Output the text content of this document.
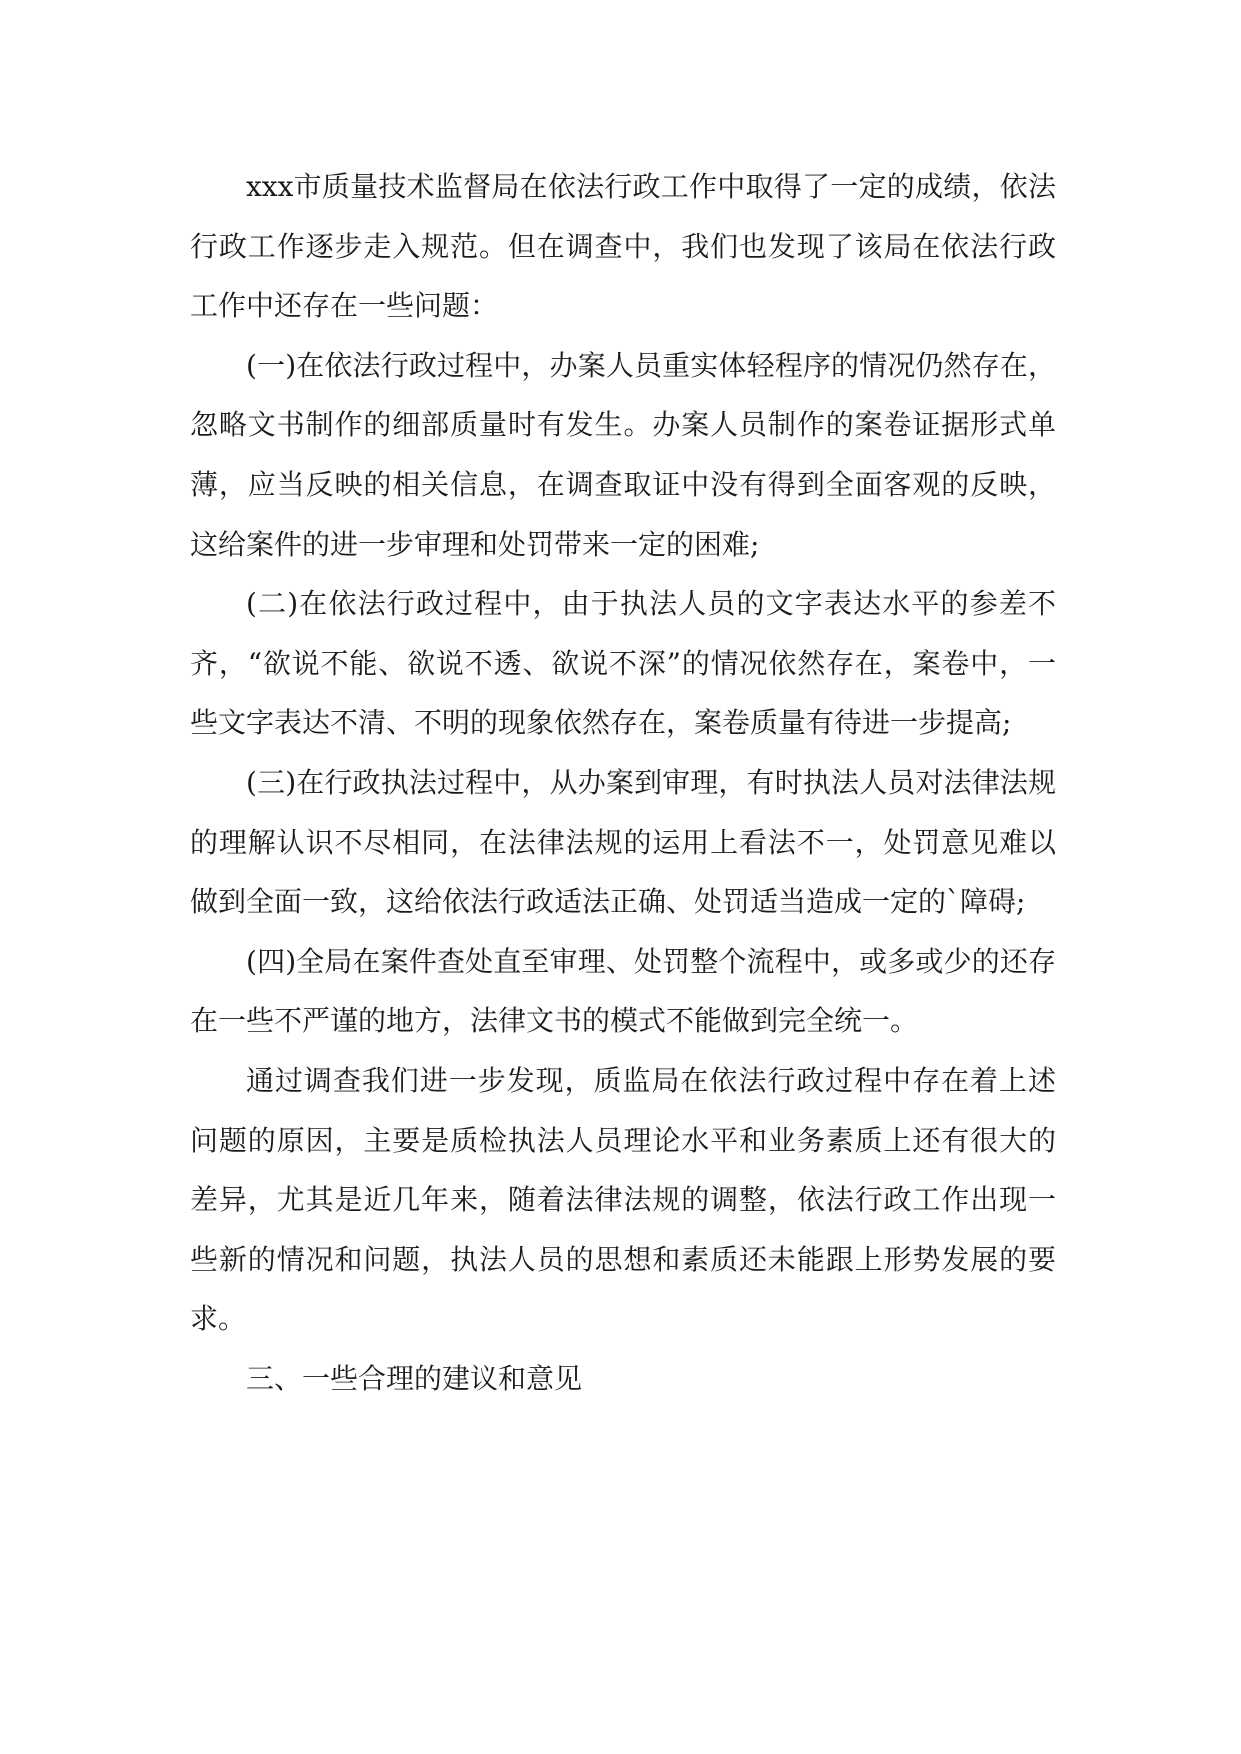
xxx市质量技术监督局在依法行政工作中取得了一定的成绩，依法行政工作逐步走入规范。但在调查中，我们也发现了该局在依法行政工作中还存在一些问题：

(一)在依法行政过程中，办案人员重实体轻程序的情况仍然存在，忽略文书制作的细部质量时有发生。办案人员制作的案卷证据形式单薄，应当反映的相关信息，在调查取证中没有得到全面客观的反映，这给案件的进一步审理和处罚带来一定的困难;

(二)在依法行政过程中，由于执法人员的文字表达水平的参差不齐，“欲说不能、欲说不透、欲说不深”的情况依然存在，案卷中，一些文字表达不清、不明的现象依然存在，案卷质量有待进一步提高;

(三)在行政执法过程中，从办案到审理，有时执法人员对法律法规的理解认识不尽相同，在法律法规的运用上看法不一，处罚意见难以做到全面一致，这给依法行政适法正确、处罚适当造成一定的`障碍;

(四)全局在案件查处直至审理、处罚整个流程中，或多或少的还存在一些不严谨的地方，法律文书的模式不能做到完全统一。

通过调查我们进一步发现，质监局在依法行政过程中存在着上述问题的原因，主要是质检执法人员理论水平和业务素质上还有很大的差异，尤其是近几年来，随着法律法规的调整，依法行政工作出现一些新的情况和问题，执法人员的思想和素质还未能跟上形势发展的要求。

三、一些合理的建议和意见
